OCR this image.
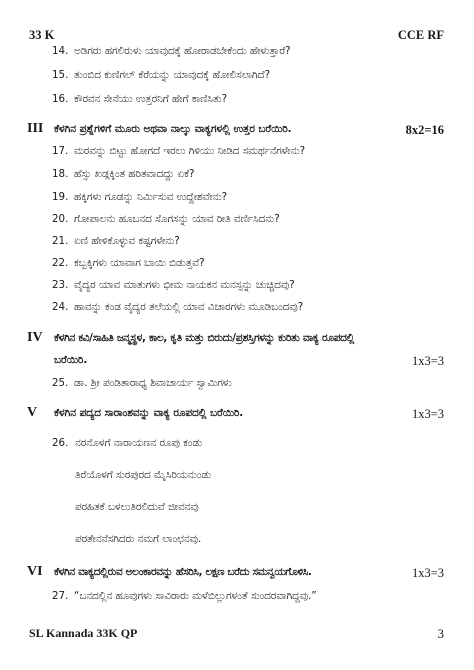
33 K	CCE RF
14. ಅಡಿಗರು ಹಗಲಿರುಳು ಯಾವುದಕ್ಕೆ ಹೋರಾಡಬೇಕೆಂದು ಹೇಳುತ್ತಾರೆ?
15. ತುಂಬಿದ ಕುಣಿಗಲ್ ಕೆರೆಯನ್ನು ಯಾವುದಕ್ಕೆ ಹೋಲಿಸಲಾಗಿದೆ?
16. ಕೌರವನ ಸೇನೆಯು ಉತ್ತರನಿಗೆ ಹೇಗೆ ಕಾಣಿಸಿತು?
III ಕೆಳಗಿನ ಪ್ರಶ್ನೆಗಳಿಗೆ ಮೂರು ಅಥವಾ ನಾಲ್ಕು ವಾಕ್ಯಗಳಲ್ಲಿ ಉತ್ತರ ಬರೆಯಿರಿ.	8x2=16
17. ಮರವನ್ನು ಬಿಟ್ಟು ಹೋಗದೆ ಇರಲು ಗಿಳಿಯು ನೀಡಿದ ಸಮರ್ಥನೆಗಳೇನು?
18. ಹೆಸ್ಸು ಖಡ್ಗಕ್ಕಿಂತ ಹರಿತವಾದದ್ದು ಏಕೆ?
19. ಹಕ್ಕಿಗಳು ಗೂಡನ್ನು ನಿರ್ಮಿಸುವ ಉದ್ದೇಶವೇನು?
20. ಗೋಪಾಲನು ಹೂಬನದ ಸೊಗಸನ್ನು ಯಾವ ರೀತಿ ವರ್ಣಿಸಿದನು?
21. ಏಣಿ ಹೇಳಿಕೊಳ್ಳುವ ಕಷ್ಟಗಳೇನು?
22. ಕಬ್ಬಕ್ಕಿಗಳು ಯಾವಾಗ ಬಾಯಿ ಬಿಡುತ್ತವೆ?
23. ವೈದ್ಯರ ಯಾವ ಮಾತುಗಳು ಭೀಮ ನಾಯಕನ ಮನಸ್ಸನ್ನು ಚುಚ್ಚಿದವು?
24. ಹಾವನ್ನು ಕಂಡ ವೈದ್ಯರ ತಲೆಯಲ್ಲಿ ಯಾವ ವಿಚಾರಗಳು ಮೂಡಿಬಂದವು?
IV ಕೆಳಗಿನ ಕವಿ/ಸಾಹಿತಿ ಜನ್ಮಸ್ಥಳ, ಕಾಲ, ಕೃತಿ ಮತ್ತು ಬಿರುದು/ಪ್ರಶಸ್ತಿಗಳನ್ನು ಕುರಿತು ವಾಕ್ಯ ರೂಪದಲ್ಲಿ
ಬರೆಯಿರಿ.	1x3=3
25. ಡಾ. ಶ್ರೀ ಪಂಡಿತಾರಾಧ್ಯ ಶಿವಾಚಾರ್ಯ ಸ್ವಾಮಿಗಳು
V ಕೆಳಗಿನ ಪದ್ಯದ ಸಾರಾಂಶವನ್ನು ವಾಕ್ಯ ರೂಪದಲ್ಲಿ ಬರೆಯಿರಿ.	1x3=3
26. ನರನೊಳಗೆ ನಾರಾಯಣನ ರೂಪು ಕಂಡು
ತಿರೆಯೊಳಗೆ ಸುರಪುರದ ಮೈಸಿರಿಯನುಂಡು
ಪರಹಿತಕೆ ಬಳಲುತಿರಲಿದುವೆ ಜೀವನವು
ಪರತೇನನೆಸಗಿದರು ನಮಗೆ ಲಾಂಛನವು.
VI ಕೆಳಗಿನ ವಾಕ್ಯದಲ್ಲಿರುವ ಅಲಂಕಾರವನ್ನು ಹೆಸರಿಸಿ, ಲಕ್ಷಣ ಬರೆದು ಸಮನ್ವಯಗೊಳಿಸಿ.	1x3=3
27. “ಬನದಲ್ಲಿನ ಹೂವುಗಳು ಸಾವಿರಾರು ಮಳೆಬಿಲ್ಲುಗಳಂತೆ ಸುಂದರವಾಗಿದ್ದವು.”
SL Kannada 33K QP	3
